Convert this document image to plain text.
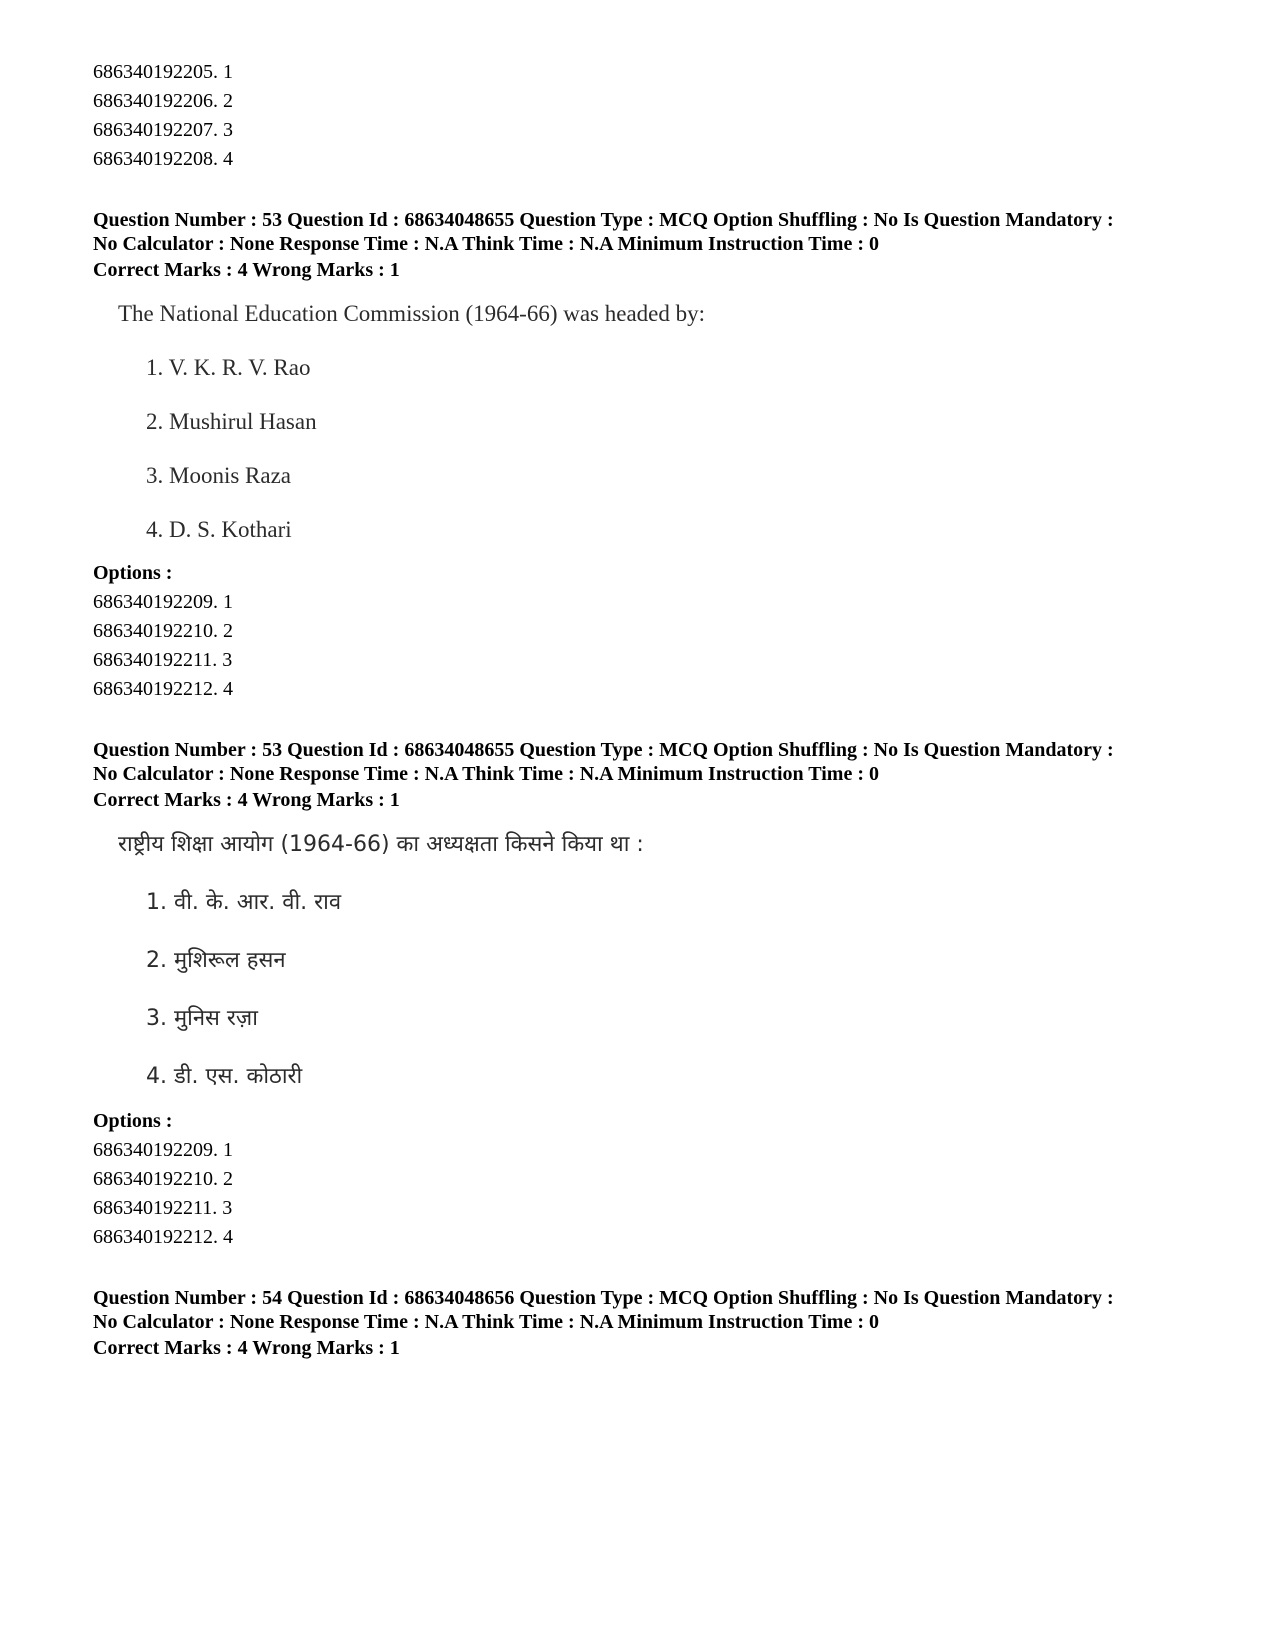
686340192205. 1
686340192206. 2
686340192207. 3
686340192208. 4
Question Number : 53 Question Id : 68634048655 Question Type : MCQ Option Shuffling : No Is Question Mandatory :
No Calculator : None Response Time : N.A Think Time : N.A Minimum Instruction Time : 0
Correct Marks : 4 Wrong Marks : 1
The National Education Commission (1964-66) was headed by:
1. V. K. R. V. Rao
2. Mushirul Hasan
3. Moonis Raza
4. D. S. Kothari
Options :
686340192209. 1
686340192210. 2
686340192211. 3
686340192212. 4
Question Number : 53 Question Id : 68634048655 Question Type : MCQ Option Shuffling : No Is Question Mandatory :
No Calculator : None Response Time : N.A Think Time : N.A Minimum Instruction Time : 0
Correct Marks : 4 Wrong Marks : 1
राष्ट्रीय शिक्षा आयोग (1964-66) का अध्यक्षता किसने किया था :
1. वी. के. आर. वी. राव
2. मुशिरूल हसन
3. मुनिस रज़ा
4. डी. एस. कोठारी
Options :
686340192209. 1
686340192210. 2
686340192211. 3
686340192212. 4
Question Number : 54 Question Id : 68634048656 Question Type : MCQ Option Shuffling : No Is Question Mandatory :
No Calculator : None Response Time : N.A Think Time : N.A Minimum Instruction Time : 0
Correct Marks : 4 Wrong Marks : 1
